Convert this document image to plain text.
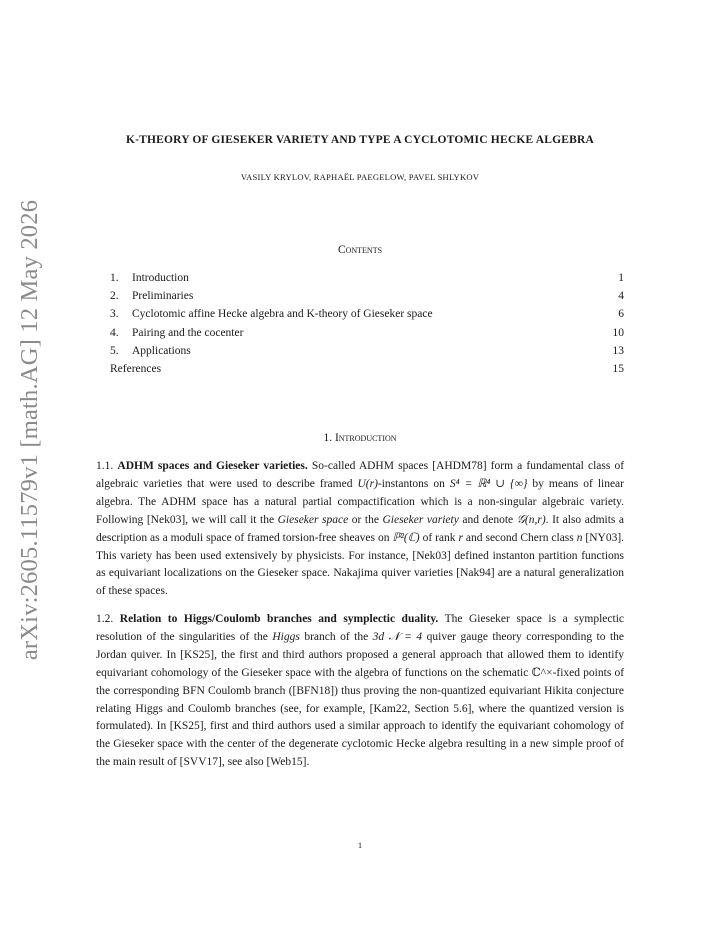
arXiv:2605.11579v1 [math.AG] 12 May 2026
K-THEORY OF GIESEKER VARIETY AND TYPE A CYCLOTOMIC HECKE ALGEBRA
VASILY KRYLOV, RAPHAËL PAEGELOW, PAVEL SHLYKOV
Contents
1. Introduction	1
2. Preliminaries	4
3. Cyclotomic affine Hecke algebra and K-theory of Gieseker space	6
4. Pairing and the cocenter	10
5. Applications	13
References	15
1. Introduction
1.1. ADHM spaces and Gieseker varieties. So-called ADHM spaces [AHDM78] form a fundamental class of algebraic varieties that were used to describe framed U(r)-instantons on S⁴ = ℝ⁴ ∪ {∞} by means of linear algebra. The ADHM space has a natural partial compactification which is a non-singular algebraic variety. Following [Nek03], we will call it the Gieseker space or the Gieseker variety and denote 𝒢(n,r). It also admits a description as a moduli space of framed torsion-free sheaves on ℙ²(ℂ) of rank r and second Chern class n [NY03]. This variety has been used extensively by physicists. For instance, [Nek03] defined instanton partition functions as equivariant localizations on the Gieseker space. Nakajima quiver varieties [Nak94] are a natural generalization of these spaces.
1.2. Relation to Higgs/Coulomb branches and symplectic duality. The Gieseker space is a symplectic resolution of the singularities of the Higgs branch of the 3d 𝒩 = 4 quiver gauge theory corresponding to the Jordan quiver. In [KS25], the first and third authors proposed a general approach that allowed them to identify equivariant cohomology of the Gieseker space with the algebra of functions on the schematic ℂ^×-fixed points of the corresponding BFN Coulomb branch ([BFN18]) thus proving the non-quantized equivariant Hikita conjecture relating Higgs and Coulomb branches (see, for example, [Kam22, Section 5.6], where the quantized version is formulated). In [KS25], first and third authors used a similar approach to identify the equivariant cohomology of the Gieseker space with the center of the degenerate cyclotomic Hecke algebra resulting in a new simple proof of the main result of [SVV17], see also [Web15].
1
